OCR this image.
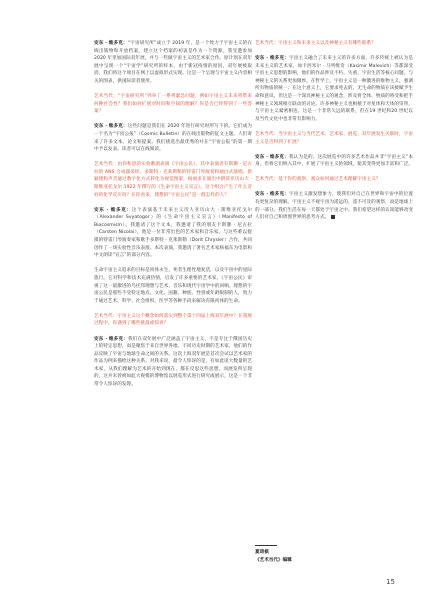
安东 · 维多克：“宇宙研究所”成立于 2019 年，是一个致力于宇宙主义的在线出版物和开放档案。建立这个档案的初衷是作为一个资源。我受邀参加 2020 年里加国际双年展，并与一些做宇宙主义的艺术家合作。原计划在双年展中呈现一个“宇宙学”研究所的样本，由于新冠疫情的原因，双年展被取消，我们将这个项目在网上以虚拟形式实现。这是一个呈现与宇宙主义内容相关的图表，供国际读者使用。

艺术当代：“宇宙研究所”列举了一系列紧急问题，例如宇宙主义未来将带来何种社会性？我们如何扩展对时间和空间的理解？你是否已经得到了一些答案？

安东 · 维多克：这些问题是我们在 2020 年进行研究时所写下的。它们成为一个名为“宇宙公报”（Cosmic Bulletin）的在线出版物的征文主题。人们寄来了许多文本、论文和提案。我们挑选出最优秀的并在“宇宙公报”的第一期中予以发表。读者可以在线阅读。

艺术当代：由你和思的实验歌剧表演《宇宙公民》，其中表演者有斯珊 · 尼古拉的 ANS 合成器采样、多斯特 · 克莱斯勒的特雷门琴演奏和通白式演唱。新颖建构声音通过数字化方式转化为视觉图案，杨福多在演出中朗读亚历山大 · 斯维亚托戈尔 1922 年撰写的《生命宇宙主义宣言》。这个组合产生了什么奇妙的化学反应吗？在你看来，理想的“宇宙公民”是一群怎样的人？

安东 · 维多克：这个表演基于未来主义诗人亚历山大 · 斯维亚托戈尔（Alexander Svyatogor）的《生命宇宙主义宣言》（Manifesto of Biocosmism）。我邀请了这个文本，我邀请了我的朋友卡斯滕 · 尼古拉（Carsten Nicolai），他是一位非常出色的艺术家和音乐家。与这些难以捉摸的特雷门琴演奏家和歌手多斯特 · 克莱斯勒（Dorit Chrysler）合作，共同创作了一场实验性音乐表演。本次表演，我邀请了著名艺术家杨福东为电影和中文朗读“宣言”的部分内容。

生命宇宙主义追求的目标是肉体永生，死者生理性地复活，以及宇宙中的星际旅行。它对科学和技术充满热情，启发了许多重要的艺术家。《宇宙公民》审视了这一最激进的乌托邦理想与艺术、音乐和现代宇宙学中的回响。理想的宇宙公民是那些不受特定地点、文化、国籍、种族、性别或年龄限制的人，致力于通过艺术、科学、社会组织、医学等各种手段来解决有限肉体的生命。

艺术当代：宇宙主义这个概念如何落实到整个第十四届上海双年展中？在策展过程中，你遇到了哪些挑战或惊喜？

安东 · 维多克：我们在双年展中广泛涵盖了宇宙主义，不是专注于俄国历史上的特定思想，而是聚焦于来自世界各地、不同历史时期的艺术家，他们的作品反映了宇宙与地球生命之间的关系。这次上海双年展是首次尝试以艺术家的作品为例来描绘这种关系。对我来说，最令人惊讶的是，有如此庞大数量的艺术家，从我们理解为艺术的开始到现在，都在反思这些思想。而展览所呈现的，这并未曾被如此大规模的博物馆以展览形式进行研究或展示，这是一个非常令人惊讶的发现。

艺术当代：宇宙主义和未来主义以及神秘主义有哪些联系？

安东 · 维多克：宇宙主义融合了未来主义的许多方面，许多传统上被认为是未来主义的艺术家，如卡西米尔 · 马列维奇（Kasimir Malevich）等都深受宇宙主义思想的影响，他们的作品涉及不朽、失重、宇宙生活等核心问题。与神秘主义的关系更加微妙。在哲学上，宇宙主义是一种激进的唯物主义，强调所有物质的统一；在这个意义上，它要求死去的、无生命的物质在该被赋予生命和意识。但这是一个深具神秘主义的观念，涉及将全体、物质的将受和把手神秘主义领域相互联动的讨论。许多神秘主义也根植于对星体和天体的崇拜，与宇宙主义紧密相连。这是一个非常久远的联系，但在19 世纪和20 世纪以及当代文化中也非常有影响力。

艺术当代：当宇宙主义与当代艺术、艺术家、展览、双年展发生关联时，宇宙主义是否得到了扩展？

安东 · 维多克：我认为是的。这次展览中的许多艺术作品并非“宇宙主义”本身，但将它们纳入其中，扩展了宇宙主义的领域，使其变得更加丰富和广泛。

艺术当代：基于你的观察，观众如何通过艺术理解宇宙主义？

安东 · 维多克：宇宙主义激发想象力，使我们对自己在世界和宇宙中的位置有更复杂的理解。宇宙主义不视宇宙为遥远的、遥不可及的观察，而是地球上的一部分。我们生活在每一天都处于宇宙之中。我们希望这样的认知能够改变人们对自己和周围世界的思考方式。

夏琦棋
《艺术当代》编辑
15
